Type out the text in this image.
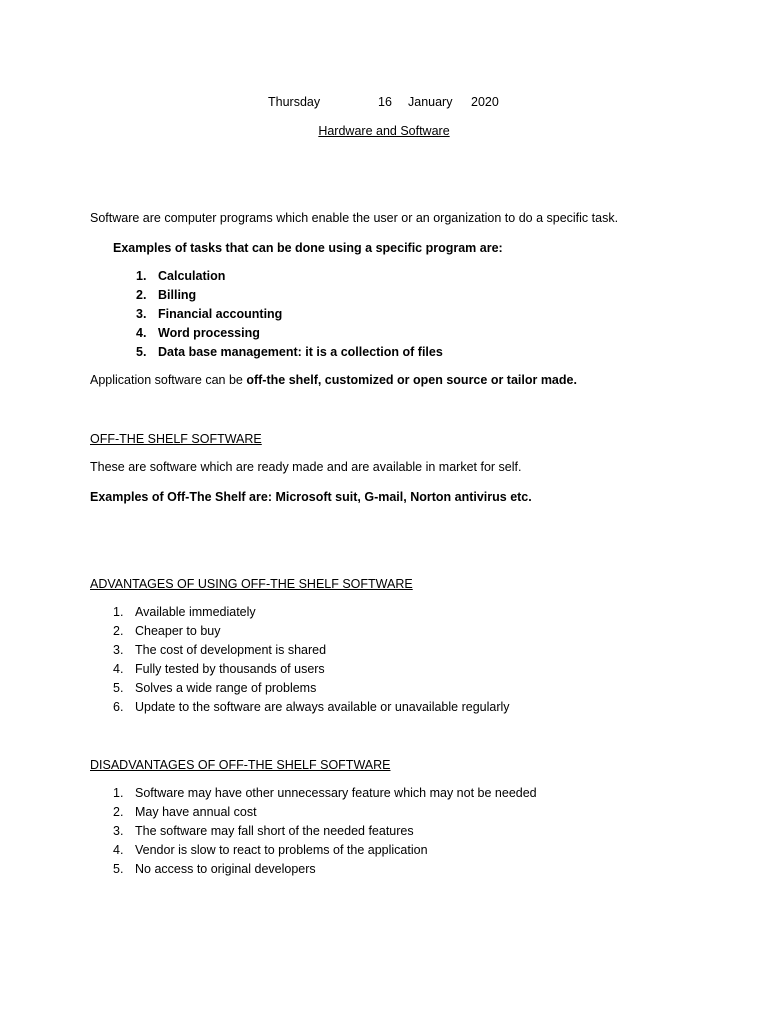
Thursday	16 January 2020
Hardware and Software
Software are computer programs which enable the user or an organization to do a specific task.
Examples of tasks that can be done using a specific program are:
1. Calculation
2. Billing
3. Financial accounting
4. Word processing
5. Data base management: it is a collection of files
Application software can be off-the shelf, customized or open source or tailor made.
OFF-THE SHELF SOFTWARE
These are software which are ready made and are available in market for self.
Examples of Off-The Shelf are: Microsoft suit, G-mail, Norton antivirus etc.
ADVANTAGES OF USING OFF-THE SHELF SOFTWARE
1. Available immediately
2. Cheaper to buy
3. The cost of development is shared
4. Fully tested by thousands of users
5. Solves a wide range of problems
6. Update to the software are always available or unavailable regularly
DISADVANTAGES OF OFF-THE SHELF SOFTWARE
1. Software may have other unnecessary feature which may not be needed
2. May have annual cost
3. The software may fall short of the needed features
4. Vendor is slow to react to problems of the application
5. No access to original developers
